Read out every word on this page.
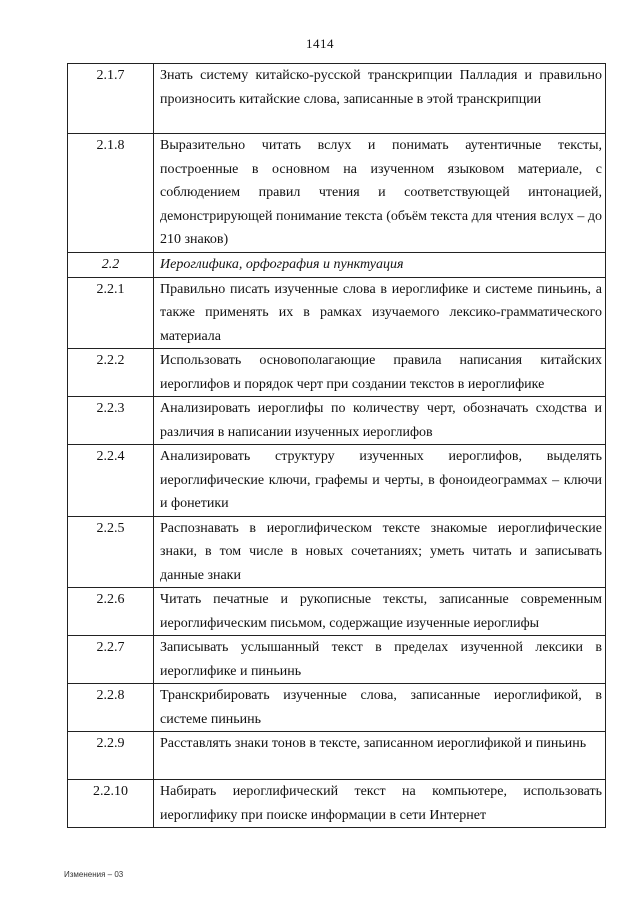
1414
2.1.7	Знать систему китайско-русской транскрипции Палладия и правильно произносить китайские слова, записанные в этой транскрипции
2.1.8	Выразительно читать вслух и понимать аутентичные тексты, построенные в основном на изученном языковом материале, с соблюдением правил чтения и соответствующей интонацией, демонстрирующей понимание текста (объём текста для чтения вслух – до 210 знаков)
2.2	Иероглифика, орфография и пунктуация
2.2.1	Правильно писать изученные слова в иероглифике и системе пиньинь, а также применять их в рамках изучаемого лексико-грамматического материала
2.2.2	Использовать основополагающие правила написания китайских иероглифов и порядок черт при создании текстов в иероглифике
2.2.3	Анализировать иероглифы по количеству черт, обозначать сходства и различия в написании изученных иероглифов
2.2.4	Анализировать структуру изученных иероглифов, выделять иероглифические ключи, графемы и черты, в фоноидеограммах – ключи и фонетики
2.2.5	Распознавать в иероглифическом тексте знакомые иероглифические знаки, в том числе в новых сочетаниях; уметь читать и записывать данные знаки
2.2.6	Читать печатные и рукописные тексты, записанные современным иероглифическим письмом, содержащие изученные иероглифы
2.2.7	Записывать услышанный текст в пределах изученной лексики в иероглифике и пиньинь
2.2.8	Транскрибировать изученные слова, записанные иероглификой, в системе пиньинь
2.2.9	Расставлять знаки тонов в тексте, записанном иероглификой и пиньинь
2.2.10	Набирать иероглифический текст на компьютере, использовать иероглифику при поиске информации в сети Интернет
Изменения – 03
